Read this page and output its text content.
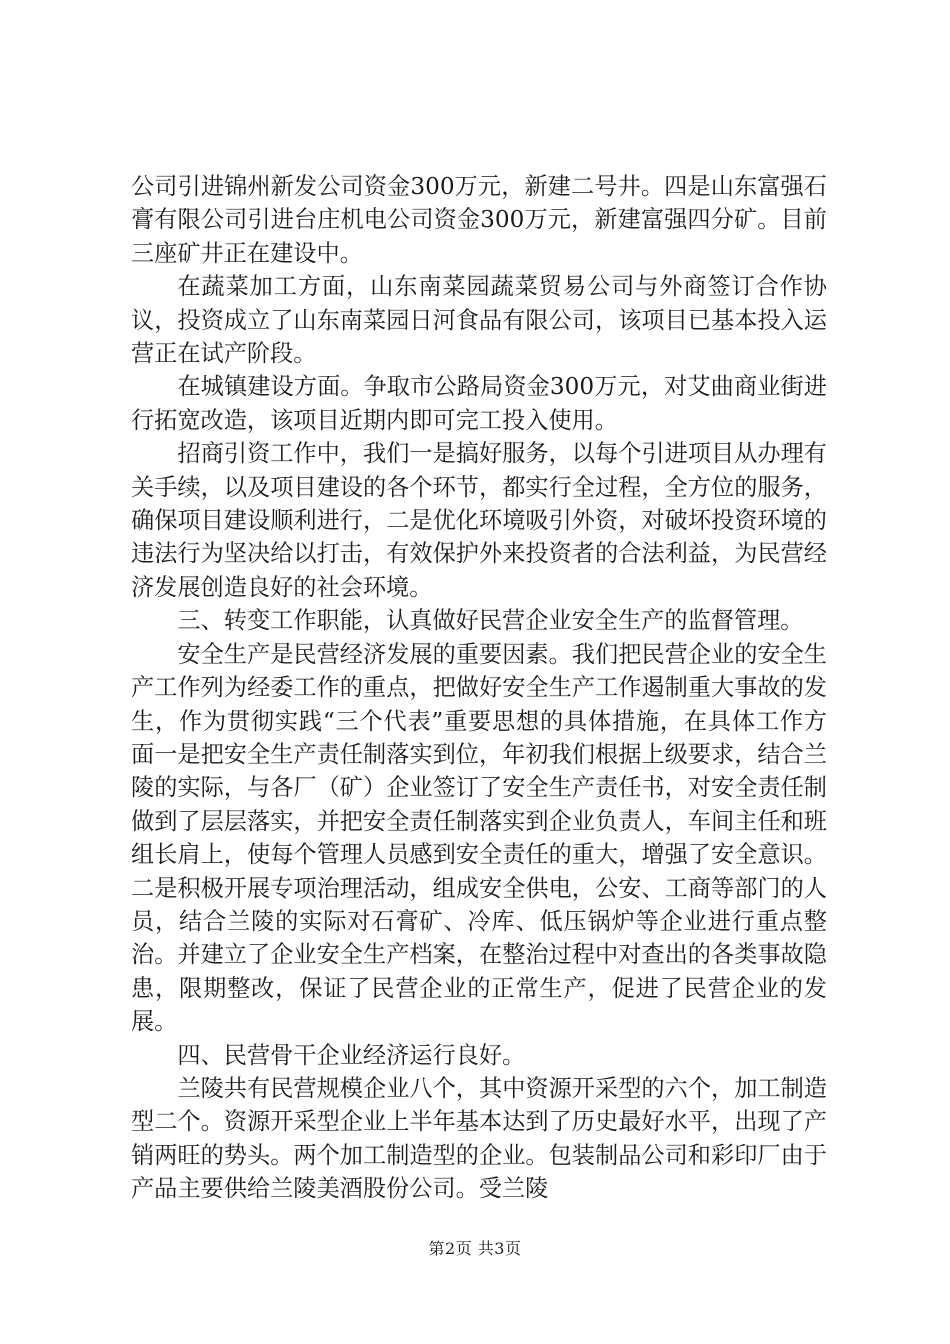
公司引进锦州新发公司资金300万元，新建二号井。四是山东富强石膏有限公司引进台庄机电公司资金300万元，新建富强四分矿。目前三座矿井正在建设中。

在蔬菜加工方面，山东南菜园蔬菜贸易公司与外商签订合作协议，投资成立了山东南菜园日河食品有限公司，该项目已基本投入运营正在试产阶段。

在城镇建设方面。争取市公路局资金300万元，对艾曲商业街进行拓宽改造，该项目近期内即可完工投入使用。

招商引资工作中，我们一是搞好服务，以每个引进项目从办理有关手续，以及项目建设的各个环节，都实行全过程，全方位的服务，确保项目建设顺利进行，二是优化环境吸引外资，对破坏投资环境的违法行为坚决给以打击，有效保护外来投资者的合法利益，为民营经济发展创造良好的社会环境。

三、转变工作职能，认真做好民营企业安全生产的监督管理。

安全生产是民营经济发展的重要因素。我们把民营企业的安全生产工作列为经委工作的重点，把做好安全生产工作遏制重大事故的发生，作为贯彻实践“三个代表”重要思想的具体措施，在具体工作方面一是把安全生产责任制落实到位，年初我们根据上级要求，结合兰陵的实际，与各厂（矿）企业签订了安全生产责任书，对安全责任制做到了层层落实，并把安全责任制落实到企业负责人，车间主任和班组长肩上，使每个管理人员感到安全责任的重大，增强了安全意识。二是积极开展专项治理活动，组成安全供电，公安、工商等部门的人员，结合兰陵的实际对石膏矿、冷库、低压锅炉等企业进行重点整治。并建立了企业安全生产档案，在整治过程中对查出的各类事故隐患，限期整改，保证了民营企业的正常生产，促进了民营企业的发展。

四、民营骨干企业经济运行良好。

兰陵共有民营规模企业八个，其中资源开采型的六个，加工制造型二个。资源开采型企业上半年基本达到了历史最好水平，出现了产销两旺的势头。两个加工制造型的企业。包装制品公司和彩印厂由于产品主要供给兰陵美酒股份公司。受兰陵

第2页 共3页
